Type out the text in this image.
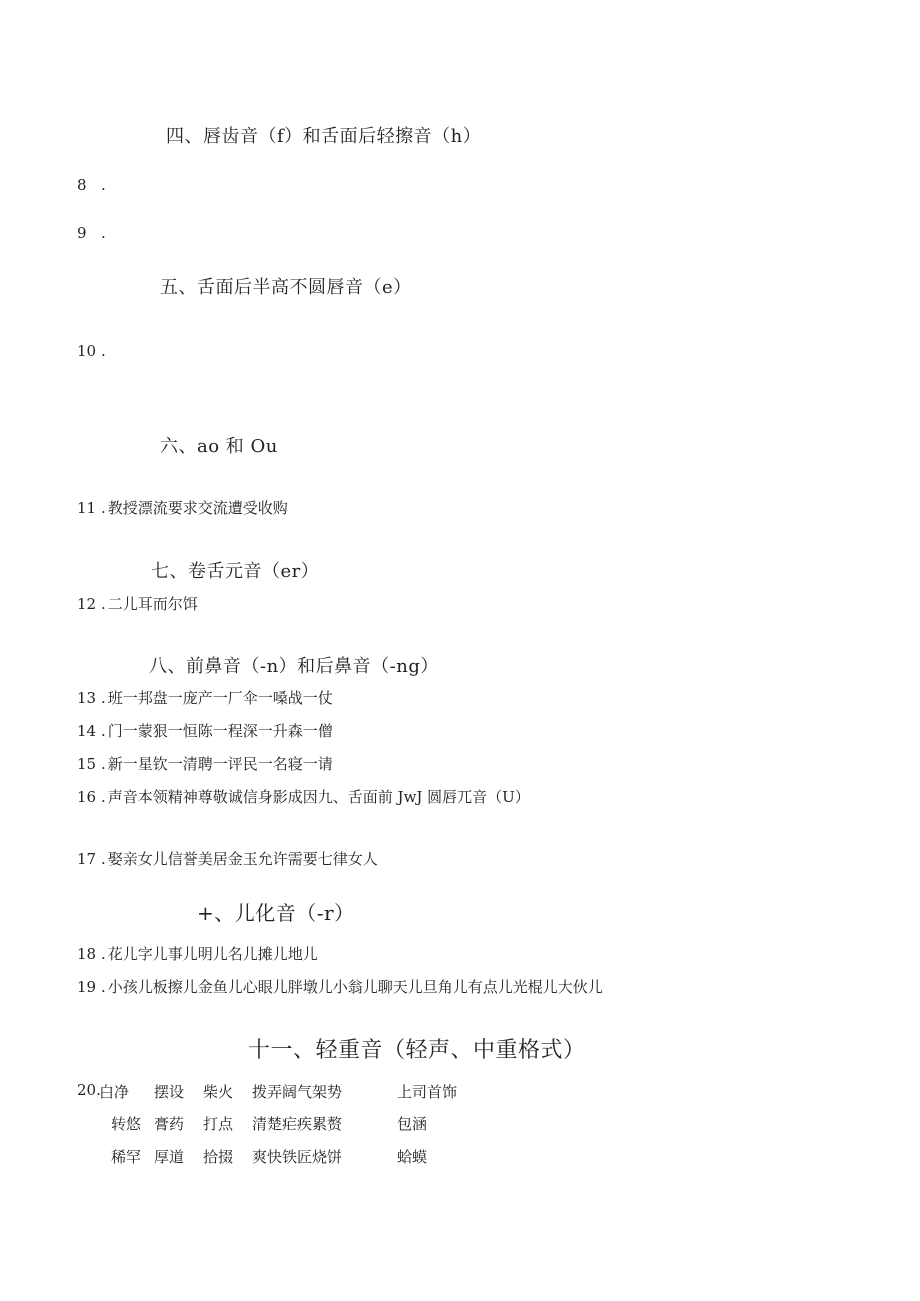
四、唇齿音（f）和舌面后轻擦音（h）
五、舌面后半高不圆唇音（e）
六、ao 和 Ou
七、卷舌元音（er）
八、前鼻音（-n）和后鼻音（-ng）
+、儿化音（-r）
十一、轻重音（轻声、中重格式）
8 .
9 .
10 .
11 . 教授漂流要求交流遭受收购
12 . 二儿耳而尔饵
13 . 班一邦盘一庞产一厂伞一嗓战一仗
14 . 门一蒙狠一恒陈一程深一升森一僧
15 . 新一星钦一清聘一评民一名寝一请
16 . 声音本领精神尊敬诚信身影成因九、舌面前 JwJ 圆唇兀音（U）
17 . 娶亲女儿信誉美居金玉允许需要七律女人
18 . 花儿字儿事儿明儿名儿摊儿地儿
19 . 小孩儿板擦儿金鱼儿心眼儿胖墩儿小翁儿聊天儿旦角儿有点儿光棍儿大伙儿
20.
白净 摆设 柴火 拨弄阔气架势	上司首饰
转悠 膏药 打点 清楚疟疾累赘	包涵
稀罕 厚道 拾掇 爽快铁匠烧饼	蛤蟆
